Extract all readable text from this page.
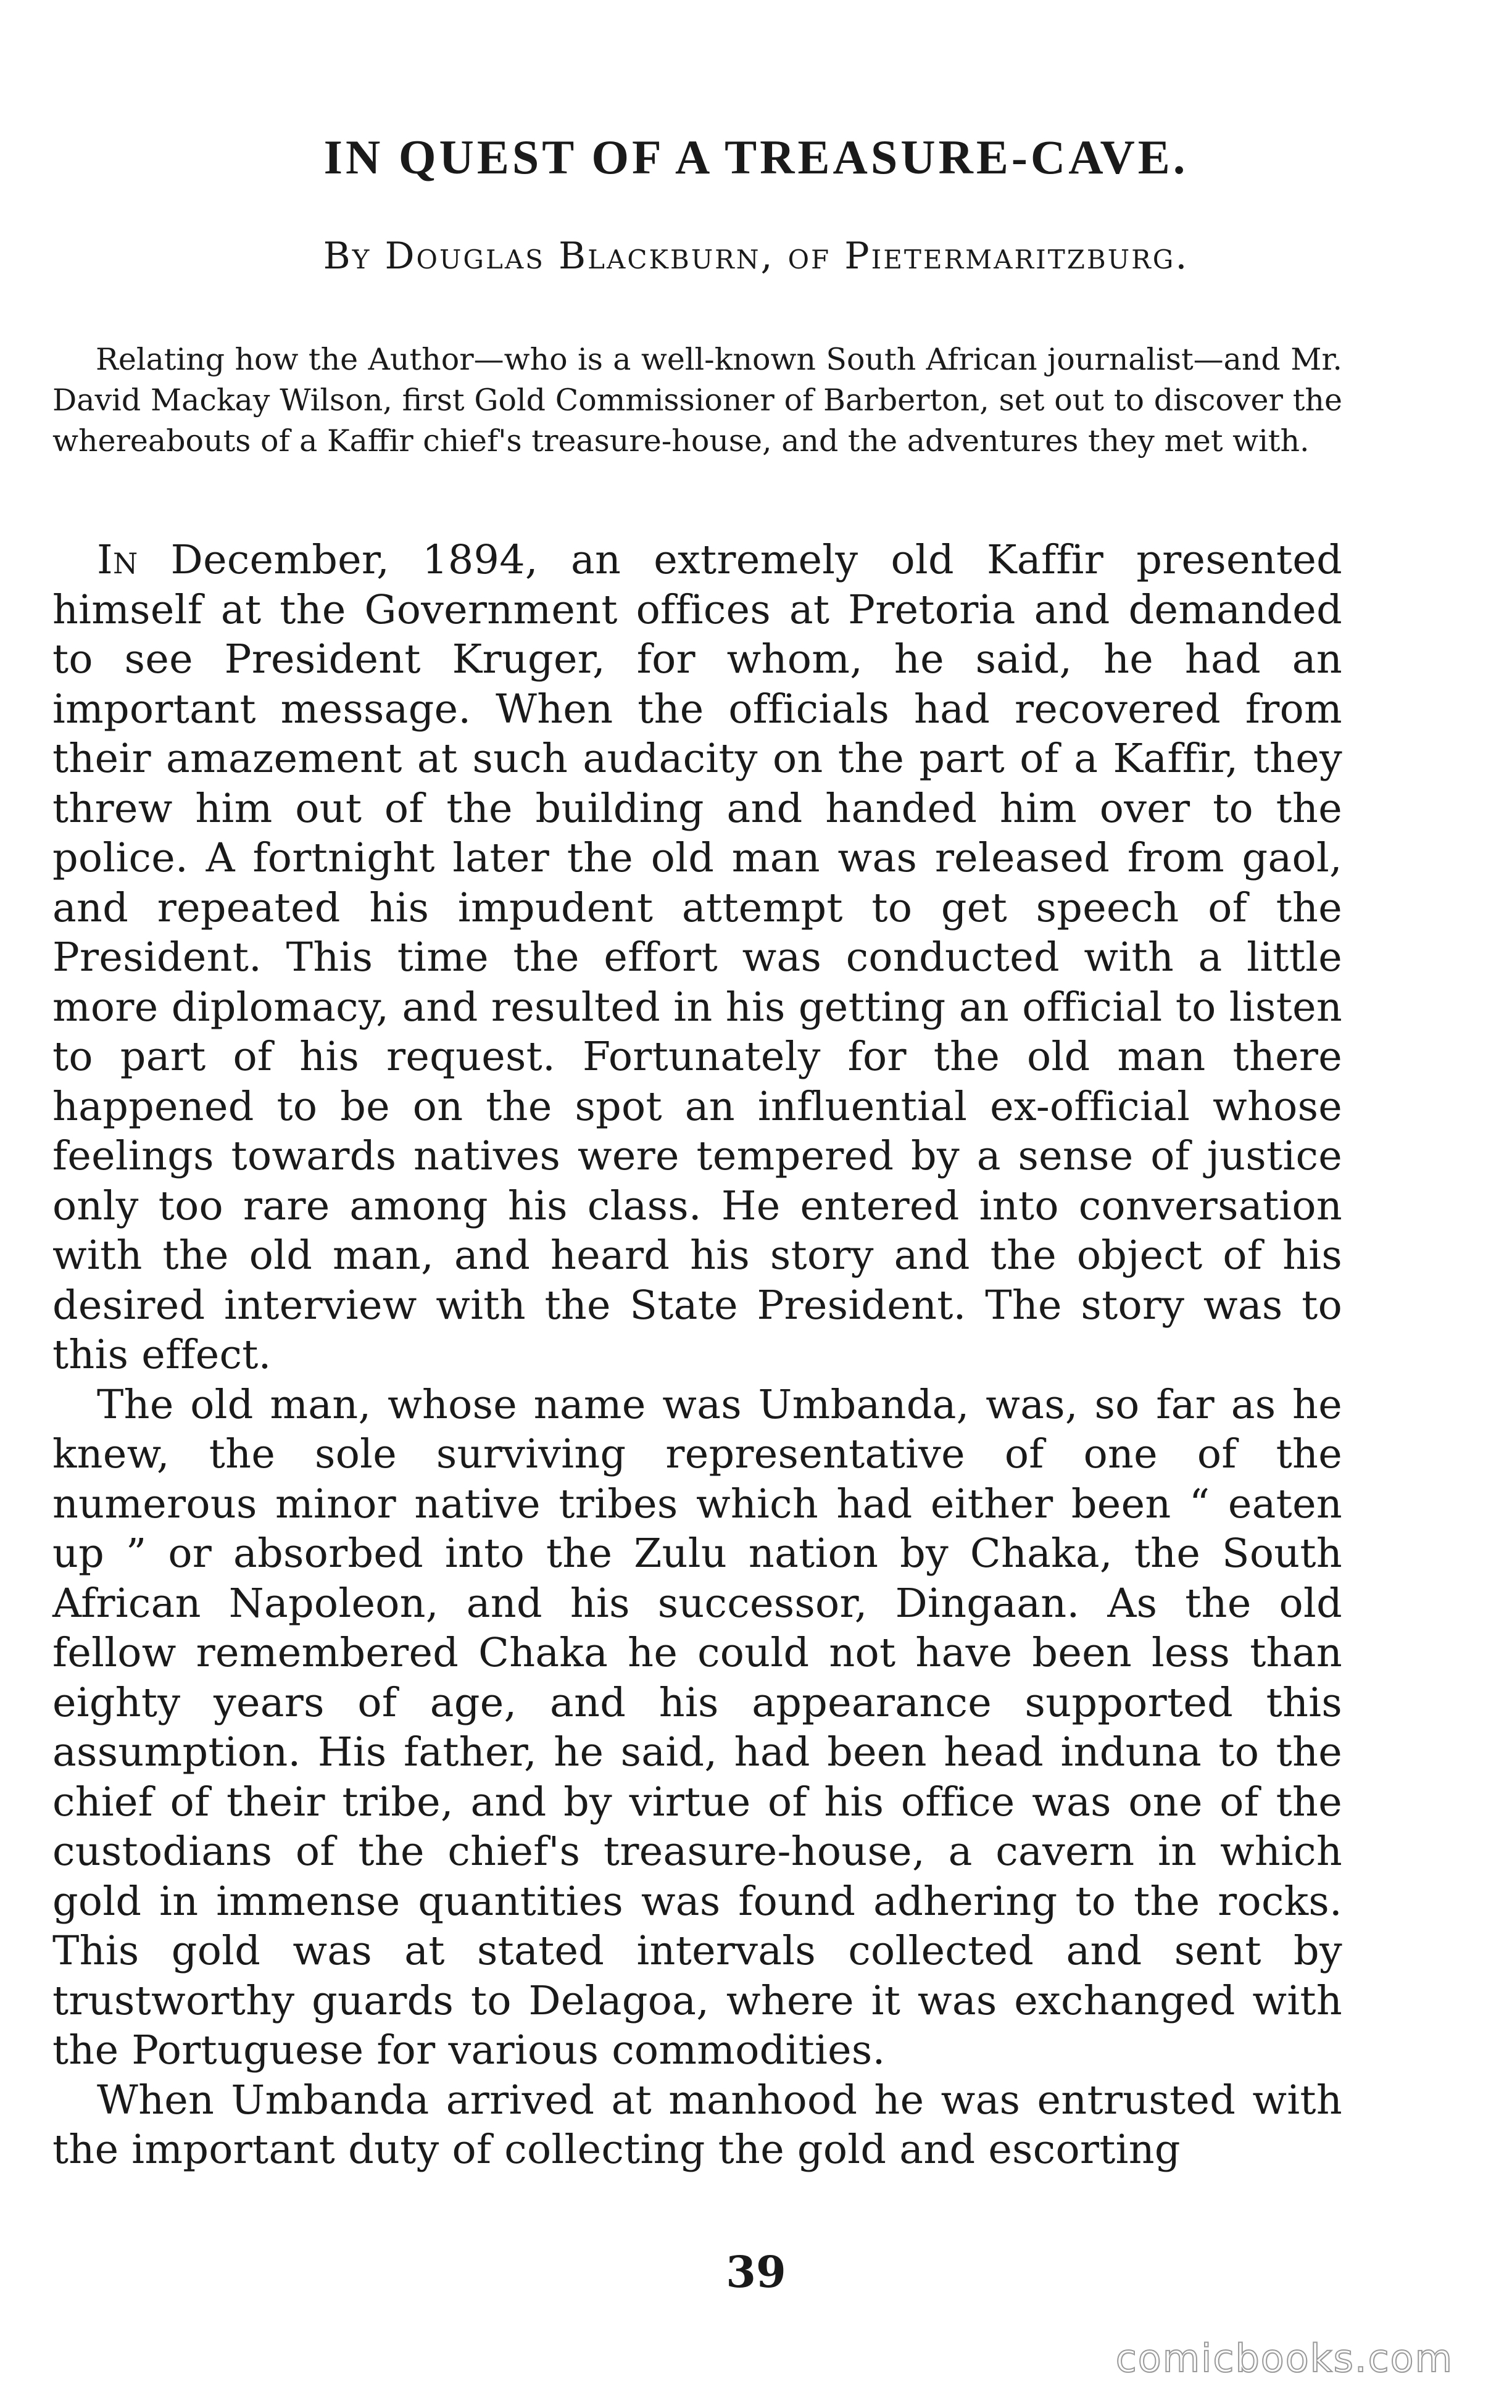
IN QUEST OF A TREASURE-CAVE.

By Douglas Blackburn, of Pietermaritzburg.

Relating how the Author—who is a well-known South African journalist—and Mr. David Mackay Wilson, first Gold Commissioner of Barberton, set out to discover the whereabouts of a Kaffir chief's treasure-house, and the adventures they met with.

In December, 1894, an extremely old Kaffir presented himself at the Government offices at Pretoria and demanded to see President Kruger, for whom, he said, he had an important message. When the officials had recovered from their amazement at such audacity on the part of a Kaffir, they threw him out of the building and handed him over to the police. A fortnight later the old man was released from gaol, and repeated his impudent attempt to get speech of the President. This time the effort was conducted with a little more diplomacy, and resulted in his getting an official to listen to part of his request. Fortunately for the old man there happened to be on the spot an influential ex-official whose feelings towards natives were tempered by a sense of justice only too rare among his class. He entered into conversation with the old man, and heard his story and the object of his desired interview with the State President. The story was to this effect.

The old man, whose name was Umbanda, was, so far as he knew, the sole surviving representative of one of the numerous minor native tribes which had either been “ eaten up ” or absorbed into the Zulu nation by Chaka, the South African Napoleon, and his successor, Dingaan. As the old fellow remembered Chaka he could not have been less than eighty years of age, and his appearance supported this assumption. His father, he said, had been head induna to the chief of their tribe, and by virtue of his office was one of the custodians of the chief's treasure-house, a cavern in which gold in immense quantities was found adhering to the rocks. This gold was at stated intervals collected and sent by trustworthy guards to Delagoa, where it was exchanged with the Portuguese for various commodities.

When Umbanda arrived at manhood he was entrusted with the important duty of collecting the gold and escorting

39

comicbooks.com
